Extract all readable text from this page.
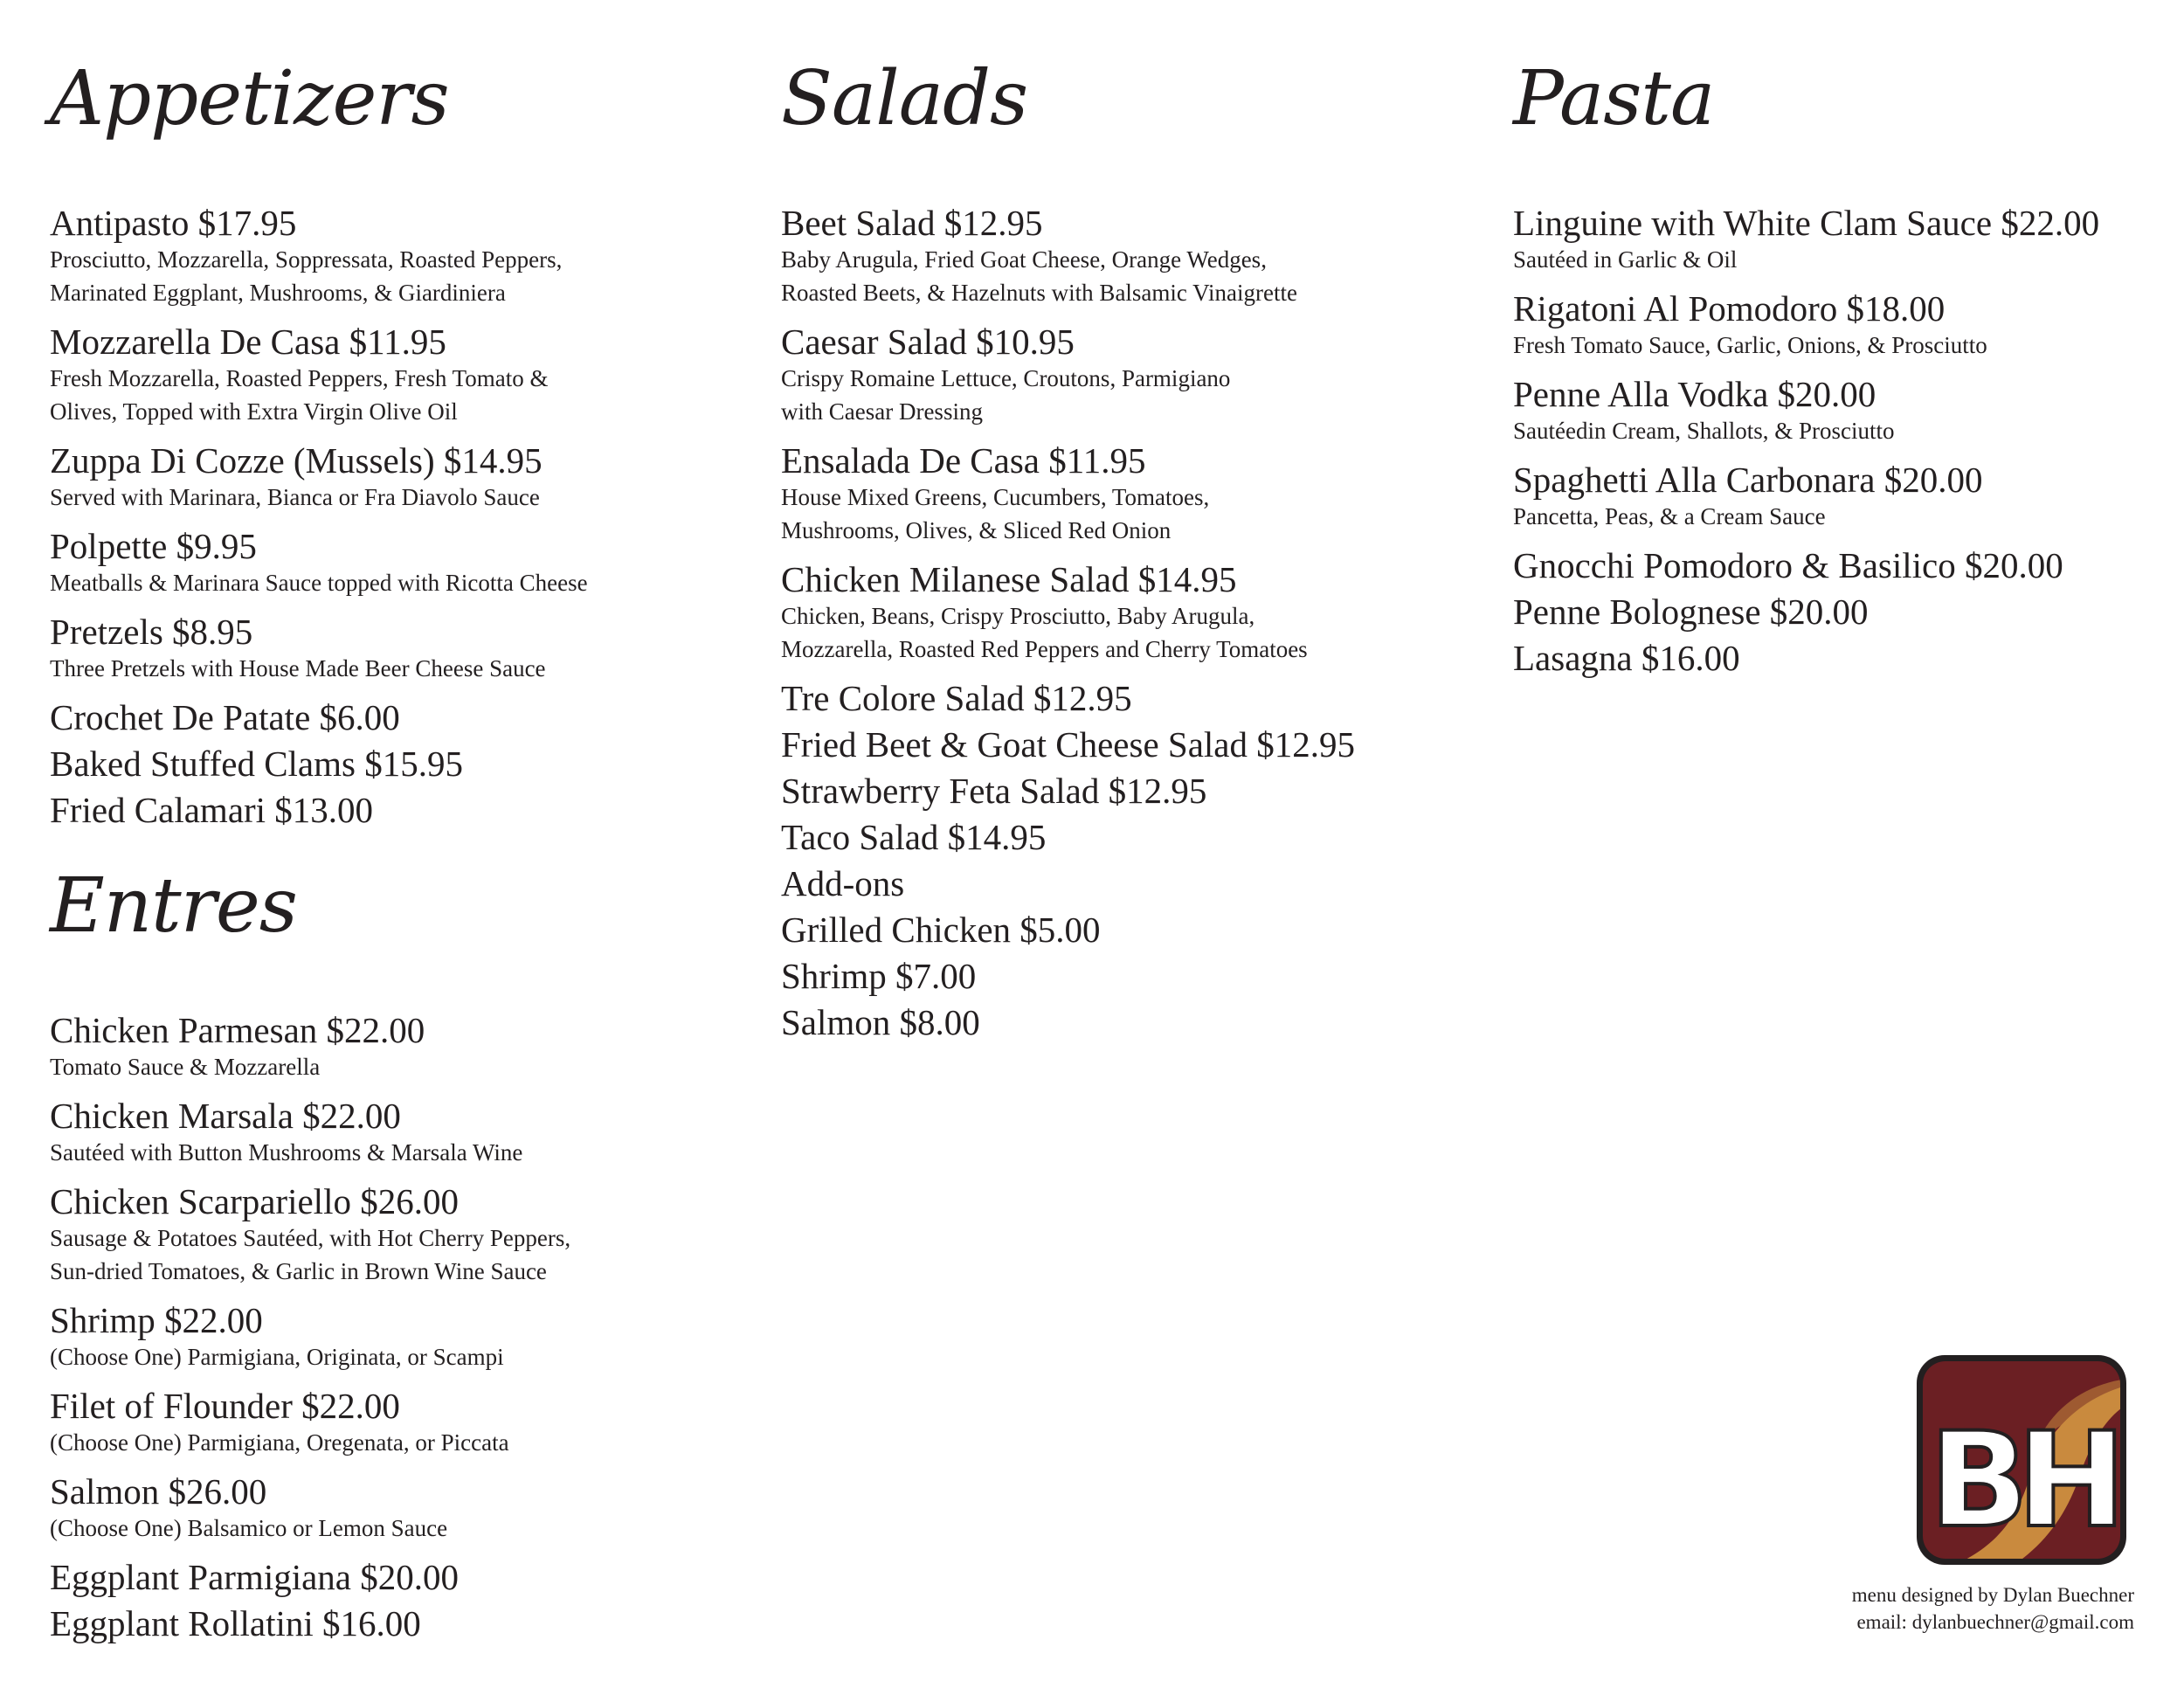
Appetizers
Antipasto $17.95
Prosciutto, Mozzarella, Soppressata, Roasted Peppers,
Marinated Eggplant, Mushrooms, & Giardiniera
Mozzarella De Casa $11.95
Fresh Mozzarella, Roasted Peppers, Fresh Tomato &
Olives, Topped with Extra Virgin Olive Oil
Zuppa Di Cozze (Mussels) $14.95
Served with Marinara, Bianca or Fra Diavolo Sauce
Polpette $9.95
Meatballs & Marinara Sauce topped with Ricotta Cheese
Pretzels $8.95
Three Pretzels with House Made Beer Cheese Sauce
Crochet De Patate $6.00
Baked Stuffed Clams $15.95
Fried Calamari $13.00
Entres
Chicken Parmesan $22.00
Tomato Sauce & Mozzarella
Chicken Marsala $22.00
Sautéed with Button Mushrooms & Marsala Wine
Chicken Scarpariello $26.00
Sausage & Potatoes Sautéed, with Hot Cherry Peppers,
Sun-dried Tomatoes, & Garlic in Brown Wine Sauce
Shrimp $22.00
(Choose One) Parmigiana, Originata, or Scampi
Filet of Flounder $22.00
(Choose One) Parmigiana, Oregenata, or Piccata
Salmon $26.00
(Choose One) Balsamico or Lemon Sauce
Eggplant Parmigiana $20.00
Eggplant Rollatini $16.00
Salads
Beet Salad $12.95
Baby Arugula, Fried Goat Cheese, Orange Wedges,
Roasted Beets, & Hazelnuts with Balsamic Vinaigrette
Caesar Salad $10.95
Crispy Romaine Lettuce, Croutons, Parmigiano
with Caesar Dressing
Ensalada De Casa $11.95
House Mixed Greens, Cucumbers, Tomatoes,
Mushrooms, Olives, & Sliced Red Onion
Chicken Milanese Salad $14.95
Chicken, Beans, Crispy Prosciutto, Baby Arugula,
Mozzarella, Roasted Red Peppers and Cherry Tomatoes
Tre Colore Salad $12.95
Fried Beet & Goat Cheese Salad $12.95
Strawberry Feta Salad $12.95
Taco Salad $14.95
Add-ons
Grilled Chicken $5.00
Shrimp $7.00
Salmon $8.00
Pasta
Linguine with White Clam Sauce $22.00
Sautéed in Garlic & Oil
Rigatoni Al Pomodoro $18.00
Fresh Tomato Sauce, Garlic, Onions, & Prosciutto
Penne Alla Vodka $20.00
Sautéedin Cream, Shallots, & Prosciutto
Spaghetti Alla Carbonara $20.00
Pancetta, Peas, & a Cream Sauce
Gnocchi Pomodoro & Basilico $20.00
Penne Bolognese $20.00
Lasagna $16.00
BH
menu designed by Dylan Buechner
email: dylanbuechner@gmail.com
